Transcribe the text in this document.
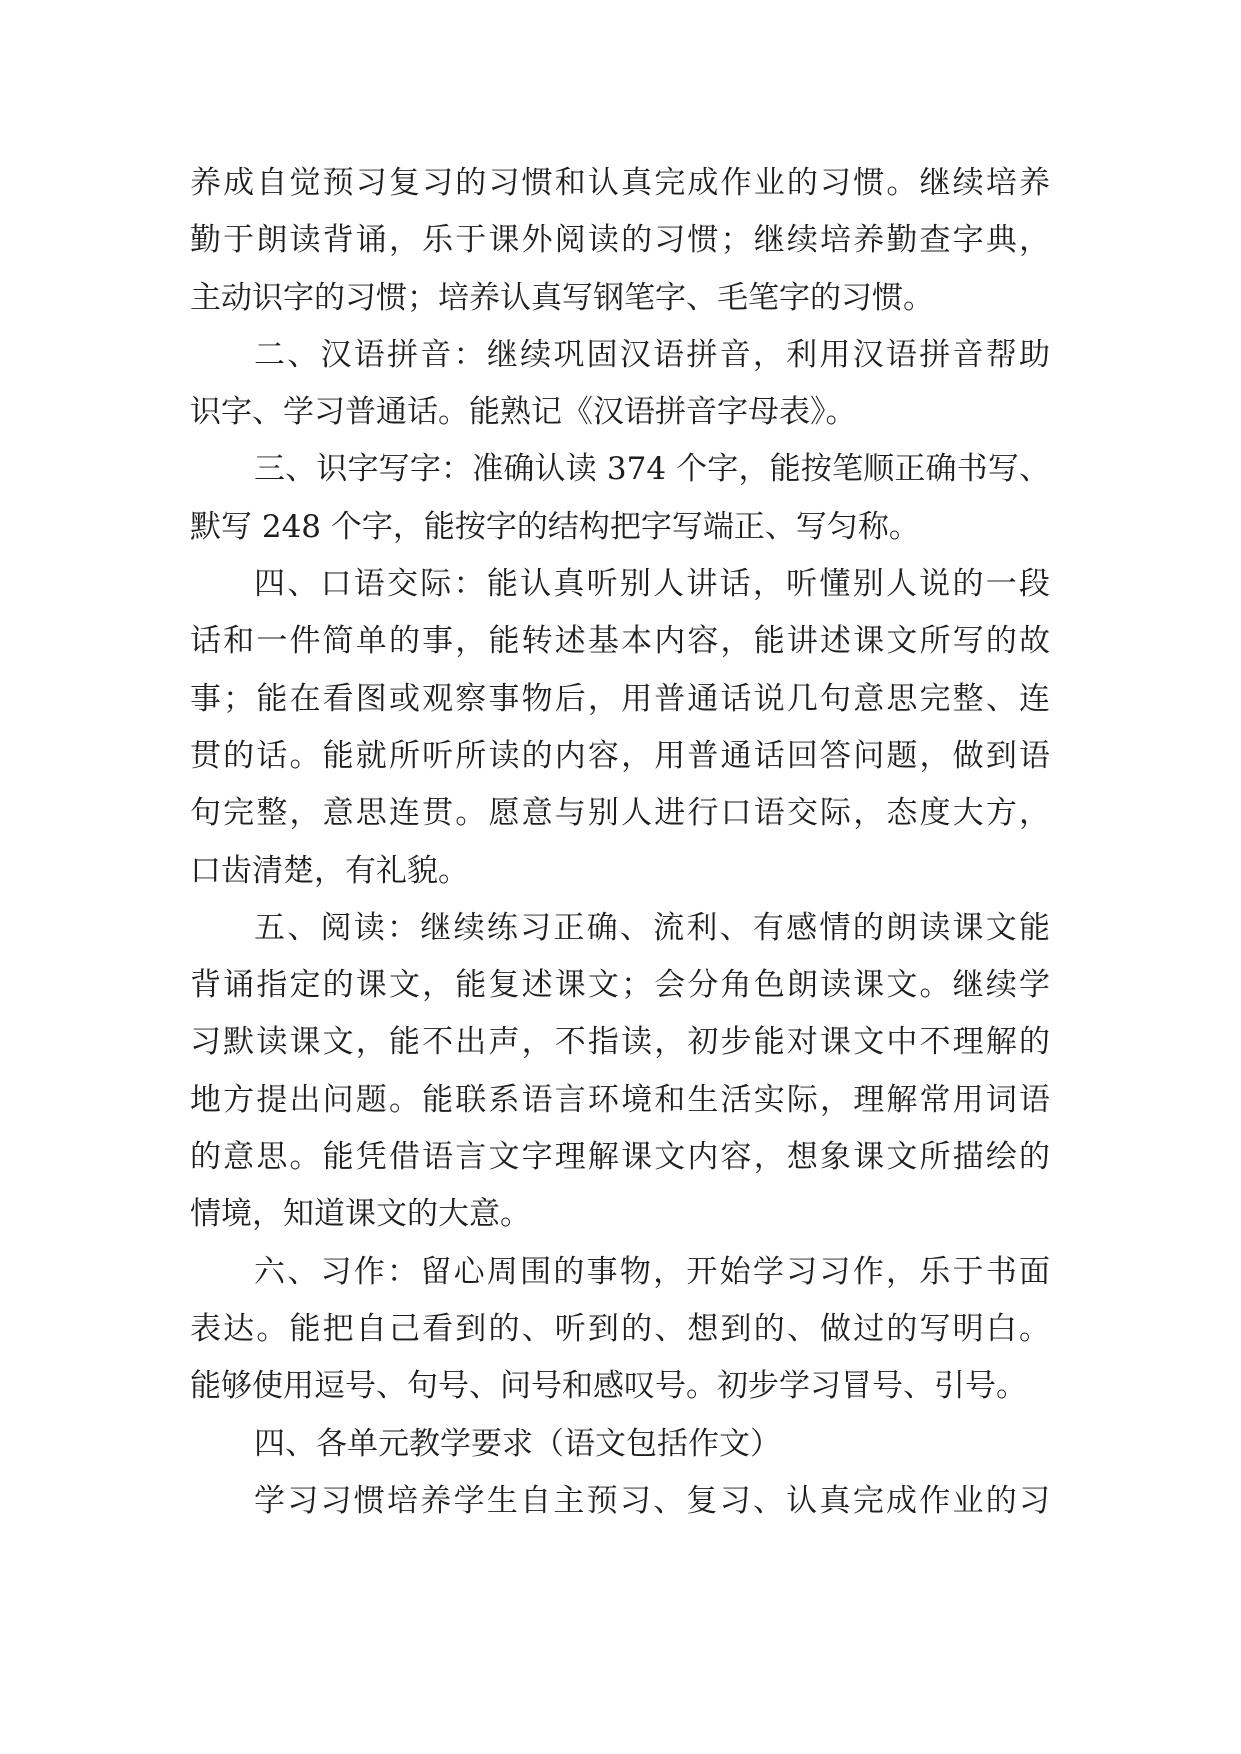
养成自觉预习复习的习惯和认真完成作业的习惯。继续培养
勤于朗读背诵，乐于课外阅读的习惯；继续培养勤查字典，
主动识字的习惯；培养认真写钢笔字、毛笔字的习惯。
二、汉语拼音：继续巩固汉语拼音，利用汉语拼音帮助
识字、学习普通话。能熟记《汉语拼音字母表》。
三、识字写字：准确认读 374 个字，能按笔顺正确书写、
默写 248 个字，能按字的结构把字写端正、写匀称。
四、口语交际：能认真听别人讲话，听懂别人说的一段
话和一件简单的事，能转述基本内容，能讲述课文所写的故
事；能在看图或观察事物后，用普通话说几句意思完整、连
贯的话。能就所听所读的内容，用普通话回答问题，做到语
句完整，意思连贯。愿意与别人进行口语交际，态度大方，
口齿清楚，有礼貌。
五、阅读：继续练习正确、流利、有感情的朗读课文能
背诵指定的课文，能复述课文；会分角色朗读课文。继续学
习默读课文，能不出声，不指读，初步能对课文中不理解的
地方提出问题。能联系语言环境和生活实际，理解常用词语
的意思。能凭借语言文字理解课文内容，想象课文所描绘的
情境，知道课文的大意。
六、习作：留心周围的事物，开始学习习作，乐于书面
表达。能把自己看到的、听到的、想到的、做过的写明白。
能够使用逗号、句号、问号和感叹号。初步学习冒号、引号。
四、各单元教学要求（语文包括作文）
学习习惯培养学生自主预习、复习、认真完成作业的习
